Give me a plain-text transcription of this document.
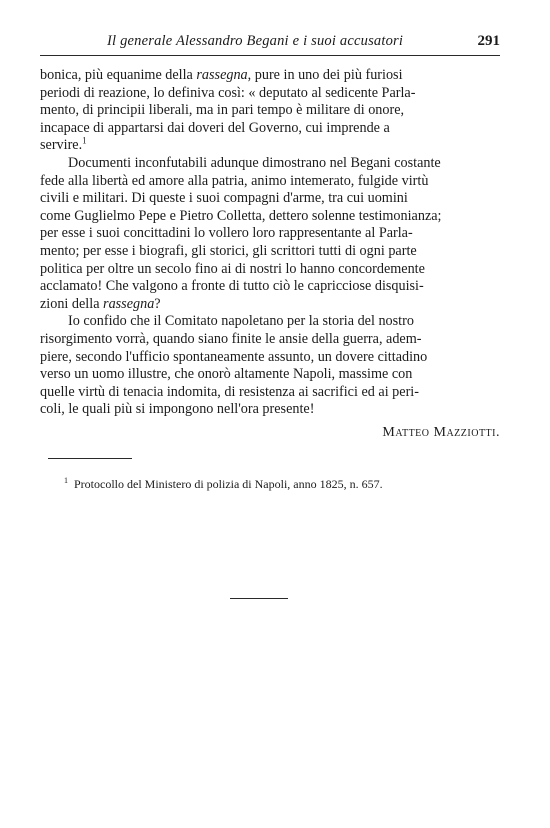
Il generale Alessandro Begani e i suoi accusatori	291
bonica, più equanime della rassegna, pure in uno dei più furiosi
periodi di reazione, lo definiva così: « deputato al sedicente Parla-
mento, di principii liberali, ma in pari tempo è militare di onore,
incapace di appartarsi dai doveri del Governo, cui imprende a
servire.$^1$
Documenti inconfutabili adunque dimostrano nel Begani costante
fede alla libertà ed amore alla patria, animo intemerato, fulgide virtù
civili e militari. Di queste i suoi compagni d'arme, tra cui uomini
come Guglielmo Pepe e Pietro Colletta, dettero solenne testimonianza;
per esse i suoi concittadini lo vollero loro rappresentante al Parla-
mento; per esse i biografi, gli storici, gli scrittori tutti di ogni parte
politica per oltre un secolo fino ai di nostri lo hanno concordemente
acclamato! Che valgono a fronte di tutto ciò le capricciose disquisi-
zioni della rassegna?
Io confido che il Comitato napoletano per la storia del nostro
risorgimento vorrà, quando siano finite le ansie della guerra, adem-
piere, secondo l'ufficio spontaneamente assunto, un dovere cittadino
verso un uomo illustre, che onorò altamente Napoli, massime con
quelle virtù di tenacia indomita, di resistenza ai sacrifici ed ai peri-
coli, le quali più si impongono nell'ora presente!
Matteo Mazziotti.
$^1$ Protocollo del Ministero di polizia di Napoli, anno 1825, n. 657.
